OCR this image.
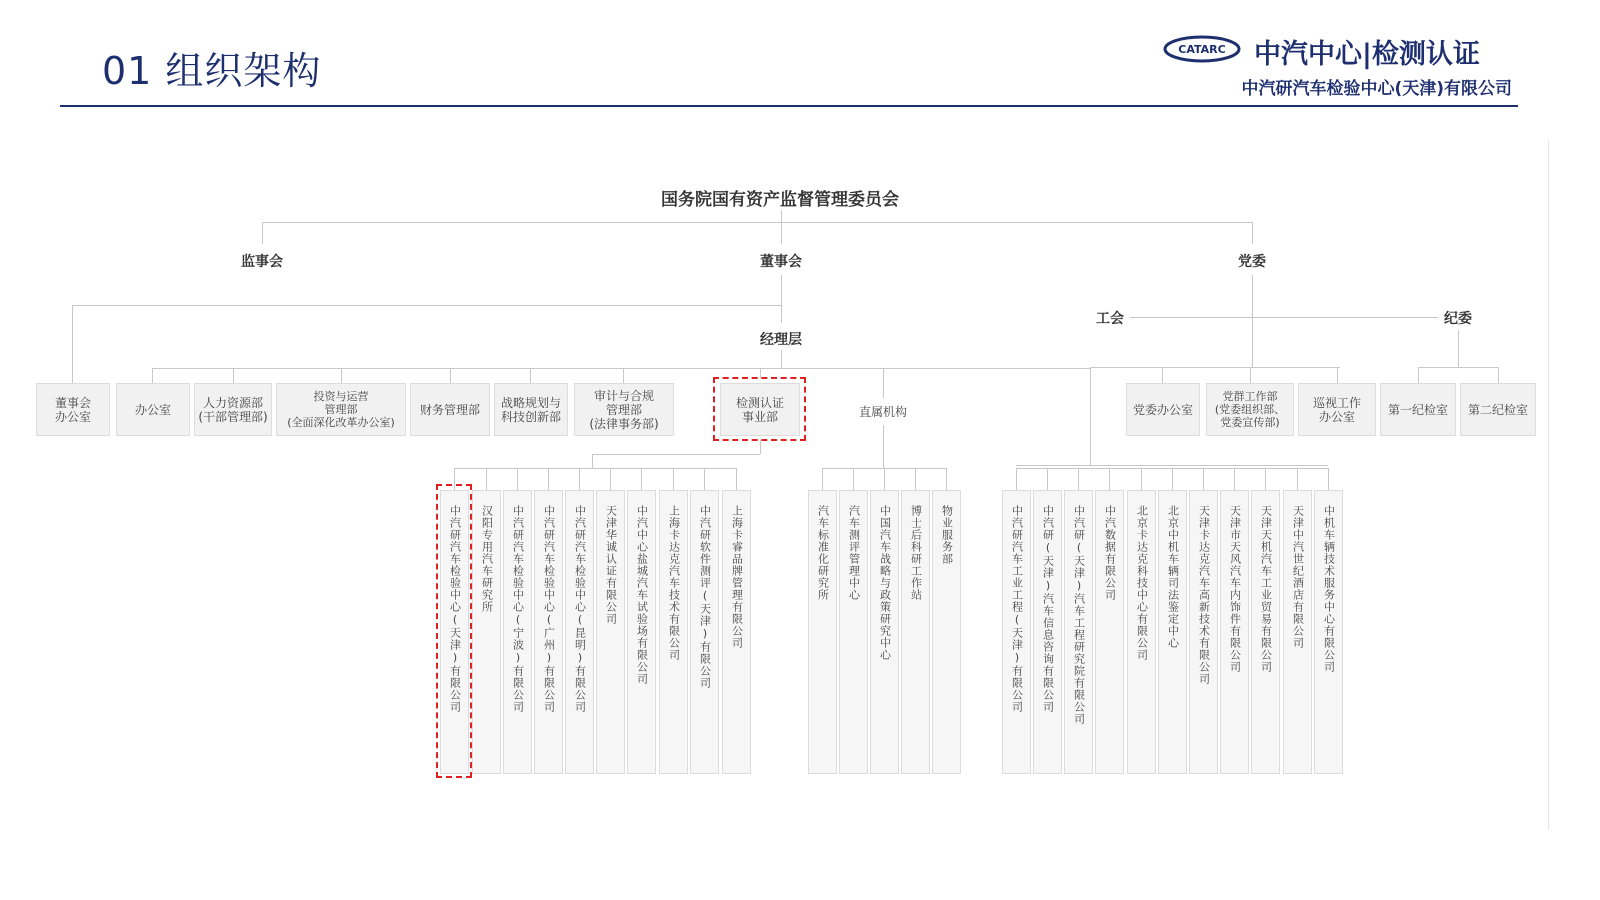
01 组织架构	CATARC 中汽中心|检测认证
中汽研汽车检验中心(天津)有限公司
国务院国有资产监督管理委员会
监事会	董事会	党委
经理层
工会	纪委
直属机构
董事会
办公室	办公室	人力资源部
(干部管理部)
投资与运营
管理部
(全面深化改革办公室)
财务管理部	战略规划与
科技创新部
审计与合规
管理部
(法律事务部)
检测认证
事业部	党委办公室
党群工作部
(党委组织部、
党委宣传部)
巡视工作
办公室	第一纪检室	第二纪检室
中汽研汽车检验中心(天津)有限公司	汉阳专用汽车研究所	中汽研汽车检验中心(宁波)有限公司	中汽研汽车检验中心(广州)有限公司	中汽研汽车检验中心(昆明)有限公司	天津华诚认证有限公司	中汽中心盐城汽车试验场有限公司	上海卡达克汽车技术有限公司	中汽研软件测评(天津)有限公司	上海卡睿品牌管理有限公司	汽车标准化研究所	汽车测评管理中心	中国汽车战略与政策研究中心	博士后科研工作站	物业服务部	中汽研汽车工业工程(天津)有限公司	中汽研(天津)汽车信息咨询有限公司	中汽研(天津)汽车工程研究院有限公司	中汽数据有限公司	北京卡达克科技中心有限公司	北京中机车辆司法鉴定中心	天津卡达克汽车高新技术有限公司	天津市天风汽车内饰件有限公司	天津天机汽车工业贸易有限公司	天津中汽世纪酒店有限公司	中机车辆技术服务中心有限公司
